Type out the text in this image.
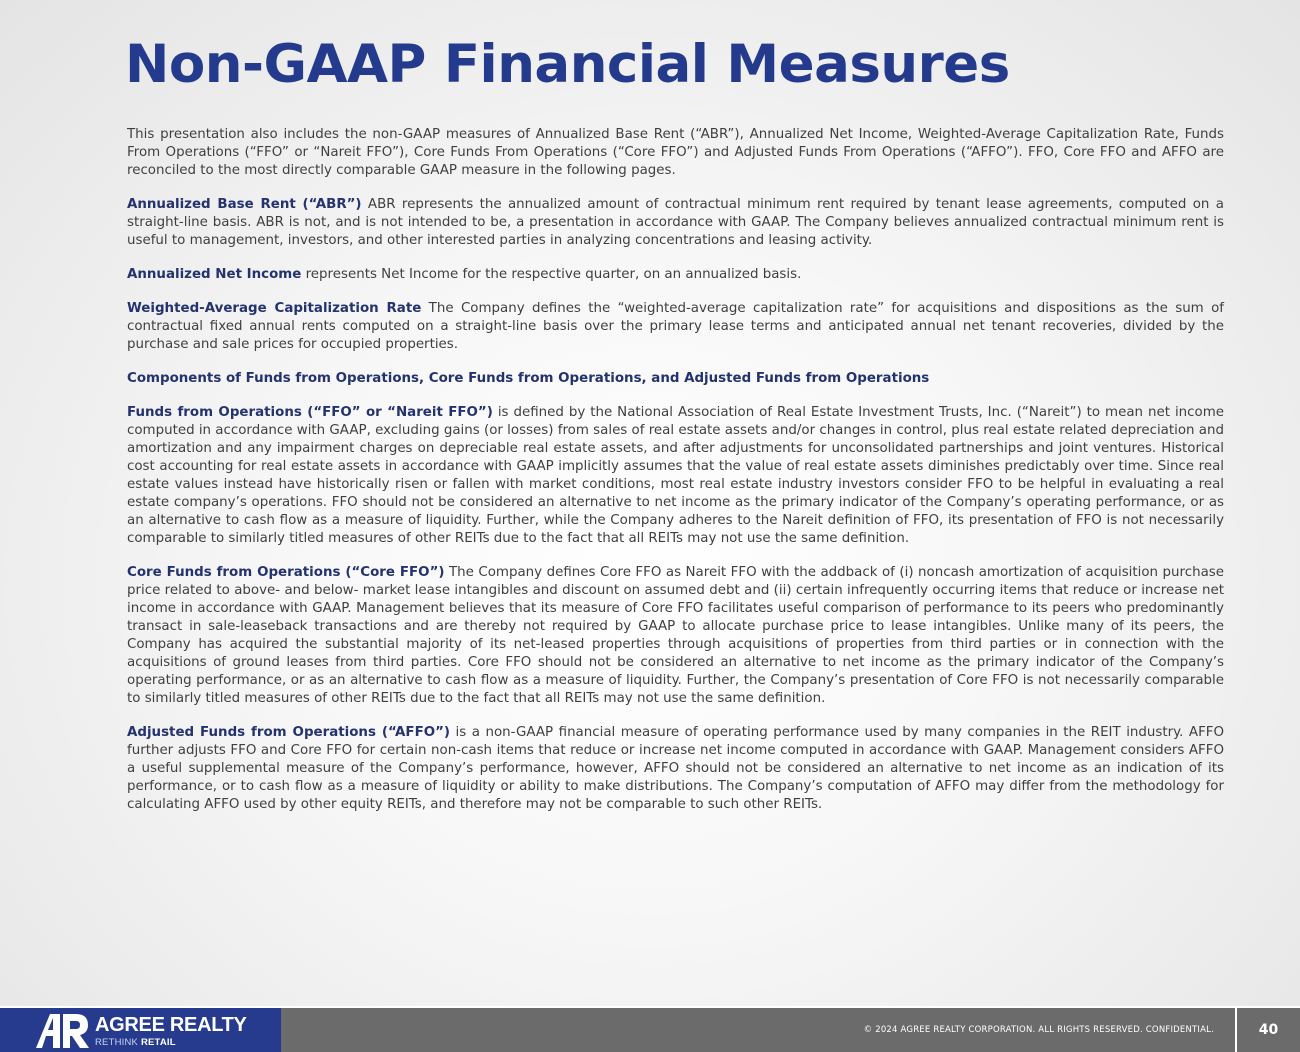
Non-GAAP Financial Measures

This presentation also includes the non-GAAP measures of Annualized Base Rent (“ABR”), Annualized Net Income, Weighted-Average Capitalization Rate, Funds From Operations (“FFO” or “Nareit FFO”), Core Funds From Operations (“Core FFO”) and Adjusted Funds From Operations (“AFFO”). FFO, Core FFO and AFFO are reconciled to the most directly comparable GAAP measure in the following pages.

Annualized Base Rent (“ABR”) ABR represents the annualized amount of contractual minimum rent required by tenant lease agreements, computed on a straight-line basis. ABR is not, and is not intended to be, a presentation in accordance with GAAP. The Company believes annualized contractual minimum rent is useful to management, investors, and other interested parties in analyzing concentrations and leasing activity.

Annualized Net Income represents Net Income for the respective quarter, on an annualized basis.

Weighted-Average Capitalization Rate The Company defines the “weighted-average capitalization rate” for acquisitions and dispositions as the sum of contractual fixed annual rents computed on a straight-line basis over the primary lease terms and anticipated annual net tenant recoveries, divided by the purchase and sale prices for occupied properties.

Components of Funds from Operations, Core Funds from Operations, and Adjusted Funds from Operations

Funds from Operations (“FFO” or “Nareit FFO”) is defined by the National Association of Real Estate Investment Trusts, Inc. (“Nareit”) to mean net income computed in accordance with GAAP, excluding gains (or losses) from sales of real estate assets and/or changes in control, plus real estate related depreciation and amortization and any impairment charges on depreciable real estate assets, and after adjustments for unconsolidated partnerships and joint ventures. Historical cost accounting for real estate assets in accordance with GAAP implicitly assumes that the value of real estate assets diminishes predictably over time. Since real estate values instead have historically risen or fallen with market conditions, most real estate industry investors consider FFO to be helpful in evaluating a real estate company’s operations. FFO should not be considered an alternative to net income as the primary indicator of the Company’s operating performance, or as an alternative to cash flow as a measure of liquidity. Further, while the Company adheres to the Nareit definition of FFO, its presentation of FFO is not necessarily comparable to similarly titled measures of other REITs due to the fact that all REITs may not use the same definition.

Core Funds from Operations (“Core FFO”) The Company defines Core FFO as Nareit FFO with the addback of (i) noncash amortization of acquisition purchase price related to above- and below- market lease intangibles and discount on assumed debt and (ii) certain infrequently occurring items that reduce or increase net income in accordance with GAAP. Management believes that its measure of Core FFO facilitates useful comparison of performance to its peers who predominantly transact in sale-leaseback transactions and are thereby not required by GAAP to allocate purchase price to lease intangibles. Unlike many of its peers, the Company has acquired the substantial majority of its net-leased properties through acquisitions of properties from third parties or in connection with the acquisitions of ground leases from third parties. Core FFO should not be considered an alternative to net income as the primary indicator of the Company’s operating performance, or as an alternative to cash flow as a measure of liquidity. Further, the Company’s presentation of Core FFO is not necessarily comparable to similarly titled measures of other REITs due to the fact that all REITs may not use the same definition.

Adjusted Funds from Operations (“AFFO”) is a non-GAAP financial measure of operating performance used by many companies in the REIT industry. AFFO further adjusts FFO and Core FFO for certain non-cash items that reduce or increase net income computed in accordance with GAAP. Management considers AFFO a useful supplemental measure of the Company’s performance, however, AFFO should not be considered an alternative to net income as an indication of its performance, or to cash flow as a measure of liquidity or ability to make distributions. The Company’s computation of AFFO may differ from the methodology for calculating AFFO used by other equity REITs, and therefore may not be comparable to such other REITs.

AGREE REALTY
RETHINK RETAIL
© 2024 AGREE REALTY CORPORATION. ALL RIGHTS RESERVED. CONFIDENTIAL.	40
